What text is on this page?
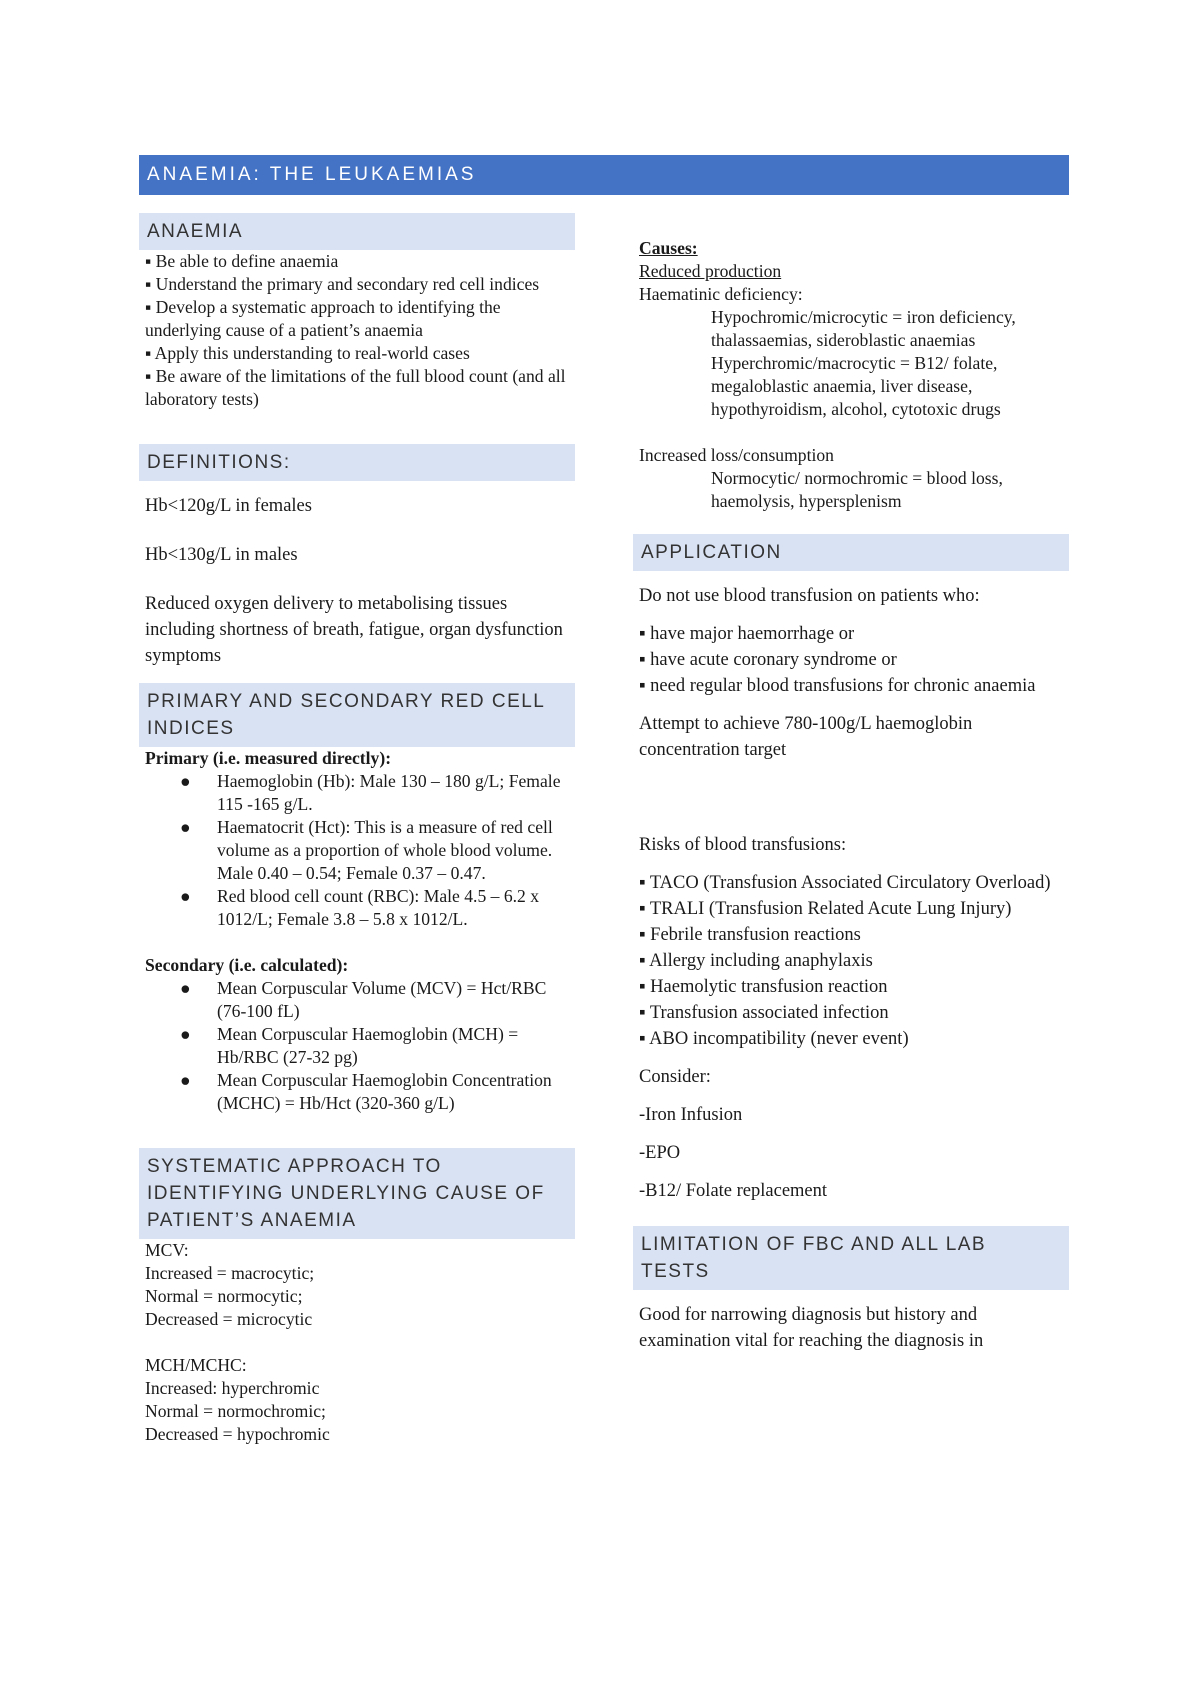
ANAEMIA: THE LEUKAEMIAS
ANAEMIA

▪ Be able to define anaemia

▪ Understand the primary and secondary red cell indices

▪ Develop a systematic approach to identifying the underlying cause of a patient’s anaemia

▪ Apply this understanding to real-world cases

▪ Be aware of the limitations of the full blood count (and all laboratory tests)

DEFINITIONS:

Hb<120g/L in females

Hb<130g/L in males

Reduced oxygen delivery to metabolising tissues including shortness of breath, fatigue, organ dysfunction symptoms

PRIMARY AND SECONDARY RED CELL INDICES

Primary (i.e. measured directly):

● Haemoglobin (Hb): Male 130 – 180 g/L; Female 115 -165 g/L.
● Haematocrit (Hct): This is a measure of red cell volume as a proportion of whole blood volume. Male 0.40 – 0.54; Female 0.37 – 0.47.
● Red blood cell count (RBC): Male 4.5 – 6.2 x 1012/L; Female 3.8 – 5.8 x 1012/L.

Secondary (i.e. calculated):

● Mean Corpuscular Volume (MCV) = Hct/RBC (76-100 fL)
● Mean Corpuscular Haemoglobin (MCH) = Hb/RBC (27-32 pg)
● Mean Corpuscular Haemoglobin Concentration (MCHC) = Hb/Hct (320-360 g/L)
SYSTEMATIC APPROACH TO IDENTIFYING UNDERLYING CAUSE OF PATIENT’S ANAEMIA

MCV:

Increased = macrocytic;

Normal = normocytic;

Decreased = microcytic

MCH/MCHC:

Increased: hyperchromic

Normal = normochromic;

Decreased = hypochromic

Causes:

Reduced production

Haematinic deficiency:

Hypochromic/microcytic = iron deficiency, thalassaemias, sideroblastic anaemias

Hyperchromic/macrocytic = B12/ folate, megaloblastic anaemia, liver disease, hypothyroidism, alcohol, cytotoxic drugs

Increased loss/consumption

Normocytic/ normochromic = blood loss, haemolysis, hypersplenism

APPLICATION

Do not use blood transfusion on patients who:

▪ have major haemorrhage or

▪ have acute coronary syndrome or

▪ need regular blood transfusions for chronic anaemia

Attempt to achieve 780-100g/L haemoglobin concentration target

Risks of blood transfusions:

▪ TACO (Transfusion Associated Circulatory Overload)

▪ TRALI (Transfusion Related Acute Lung Injury)

▪ Febrile transfusion reactions

▪ Allergy including anaphylaxis

▪ Haemolytic transfusion reaction

▪ Transfusion associated infection

▪ ABO incompatibility (never event)

Consider:

-Iron Infusion

-EPO

-B12/ Folate replacement

LIMITATION OF FBC AND ALL LAB TESTS

Good for narrowing diagnosis but history and examination vital for reaching the diagnosis in
